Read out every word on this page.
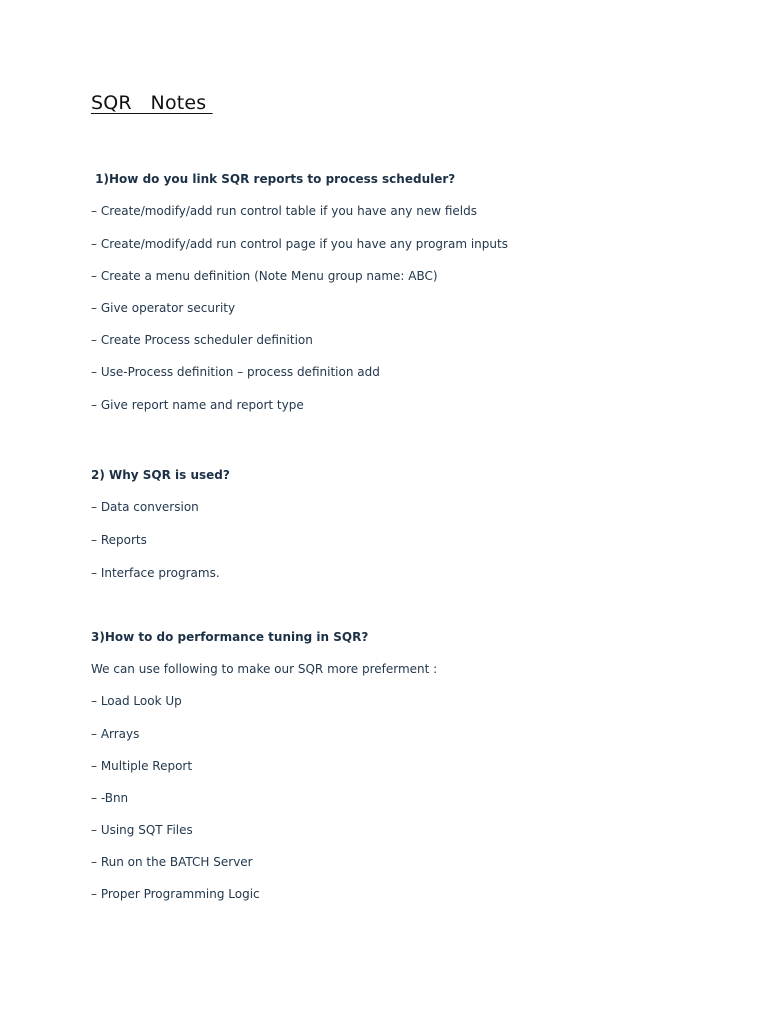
SQR   Notes
1)How do you link SQR reports to process scheduler?
– Create/modify/add run control table if you have any new fields
– Create/modify/add run control page if you have any program inputs
– Create a menu definition (Note Menu group name: ABC)
– Give operator security
– Create Process scheduler definition
– Use-Process definition – process definition add
– Give report name and report type
2) Why SQR is used?
– Data conversion
– Reports
– Interface programs.
3)How to do performance tuning in SQR?
We can use following to make our SQR more preferment :
– Load Look Up
– Arrays
– Multiple Report
– -Bnn
– Using SQT Files
– Run on the BATCH Server
– Proper Programming Logic
